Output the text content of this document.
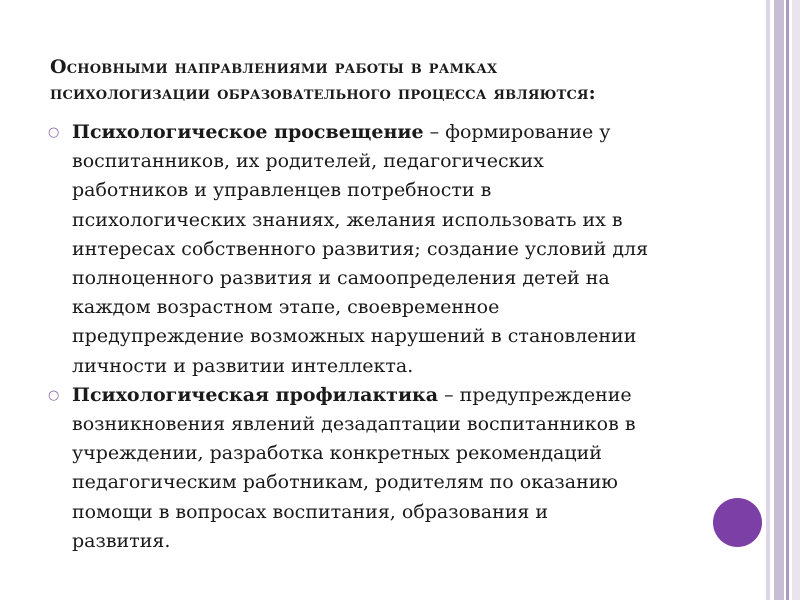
Основными направлениями работы в рамках
психологизации образовательного процесса являются:
○ Психологическое просвещение – формирование у
воспитанников, их родителей, педагогических
работников и управленцев потребности в
психологических знаниях, желания использовать их в
интересах собственного развития; создание условий для
полноценного развития и самоопределения детей на
каждом возрастном этапе, своевременное
предупреждение возможных нарушений в становлении
личности и развитии интеллекта.
○ Психологическая профилактика – предупреждение
возникновения явлений дезадаптации воспитанников в
учреждении, разработка конкретных рекомендаций
педагогическим работникам, родителям по оказанию
помощи в вопросах воспитания, образования и
развития.
